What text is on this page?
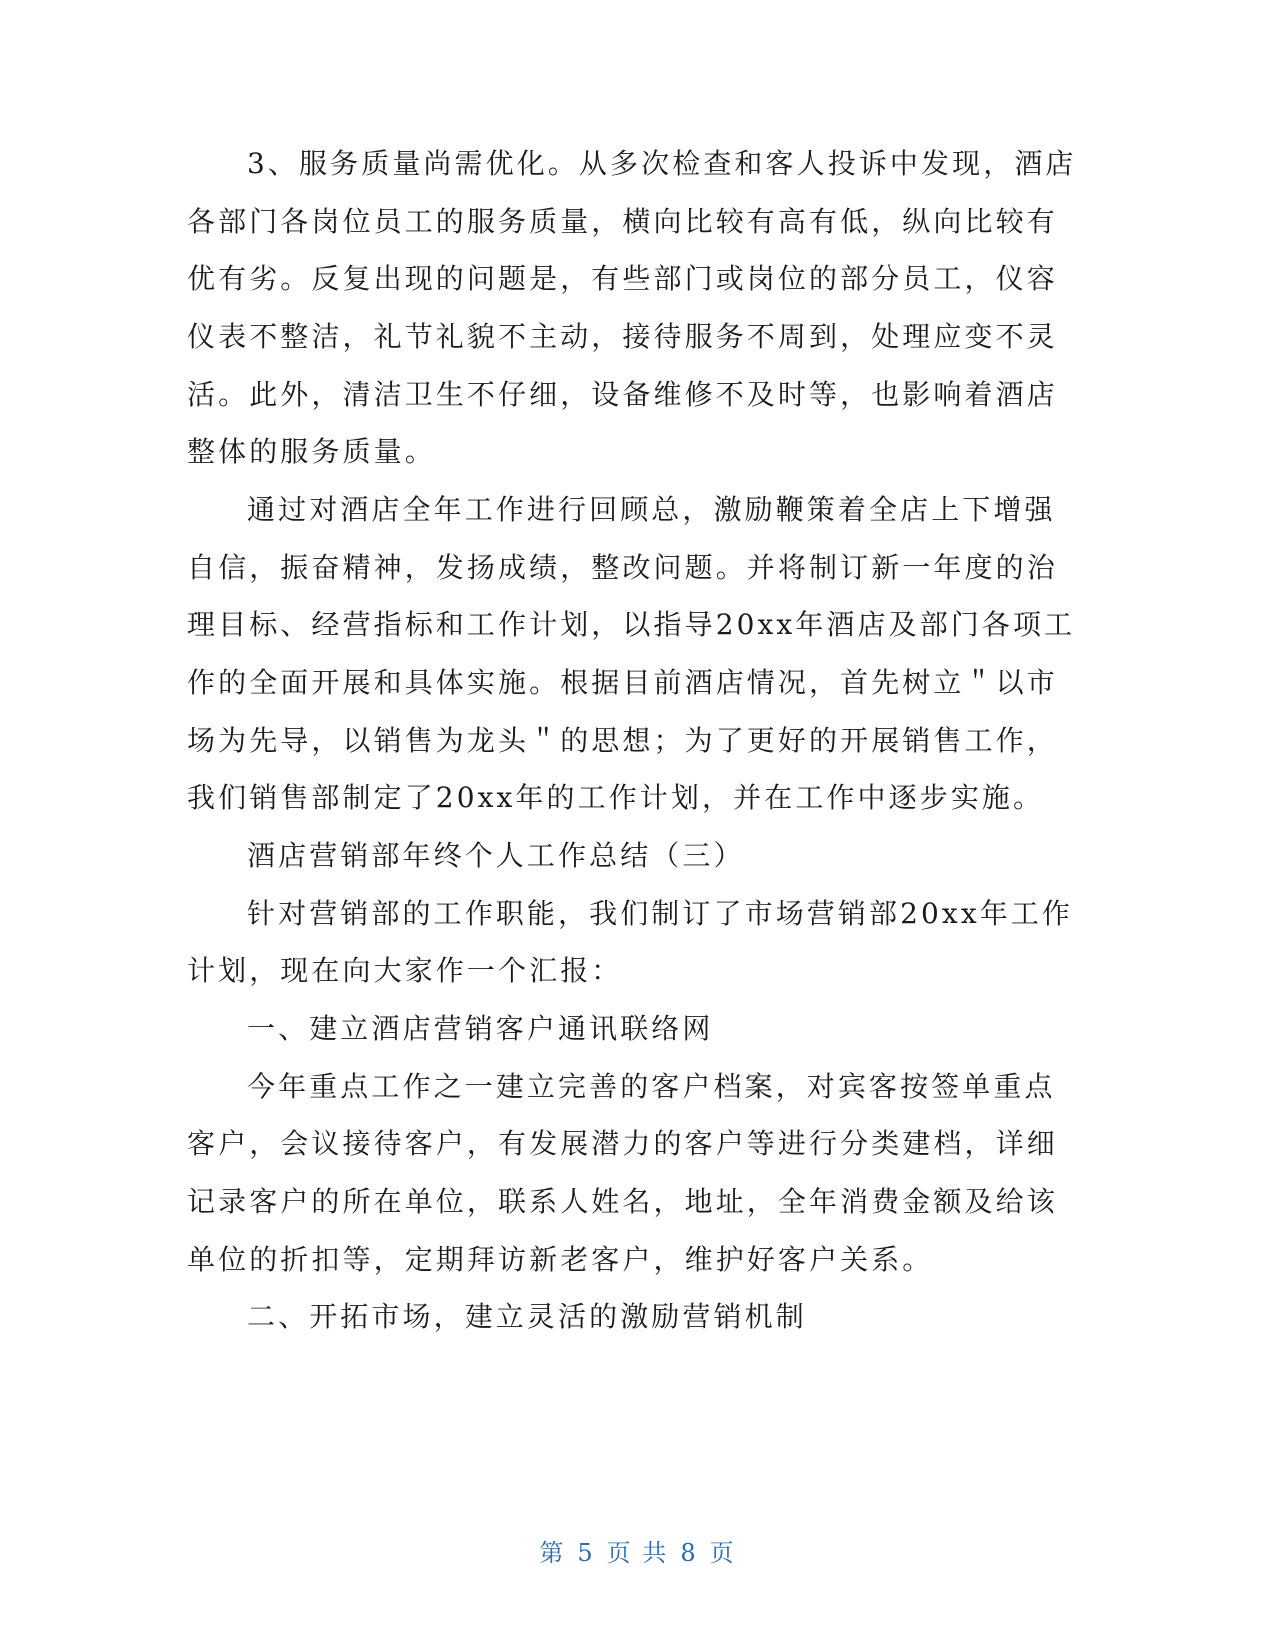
3、服务质量尚需优化。从多次检查和客人投诉中发现，酒店
各部门各岗位员工的服务质量，横向比较有高有低，纵向比较有
优有劣。反复出现的问题是，有些部门或岗位的部分员工，仪容
仪表不整洁，礼节礼貌不主动，接待服务不周到，处理应变不灵
活。此外，清洁卫生不仔细，设备维修不及时等，也影响着酒店
整体的服务质量。
通过对酒店全年工作进行回顾总，激励鞭策着全店上下增强
自信，振奋精神，发扬成绩，整改问题。并将制订新一年度的治
理目标、经营指标和工作计划，以指导20xx年酒店及部门各项工
作的全面开展和具体实施。根据目前酒店情况，首先树立＂以市
场为先导，以销售为龙头＂的思想；为了更好的开展销售工作，
我们销售部制定了20xx年的工作计划，并在工作中逐步实施。
酒店营销部年终个人工作总结（三）
针对营销部的工作职能，我们制订了市场营销部20xx年工作
计划，现在向大家作一个汇报：
一、建立酒店营销客户通讯联络网
今年重点工作之一建立完善的客户档案，对宾客按签单重点
客户，会议接待客户，有发展潜力的客户等进行分类建档，详细
记录客户的所在单位，联系人姓名，地址，全年消费金额及给该
单位的折扣等，定期拜访新老客户，维护好客户关系。
二、开拓市场，建立灵活的激励营销机制
第 5 页 共 8 页
